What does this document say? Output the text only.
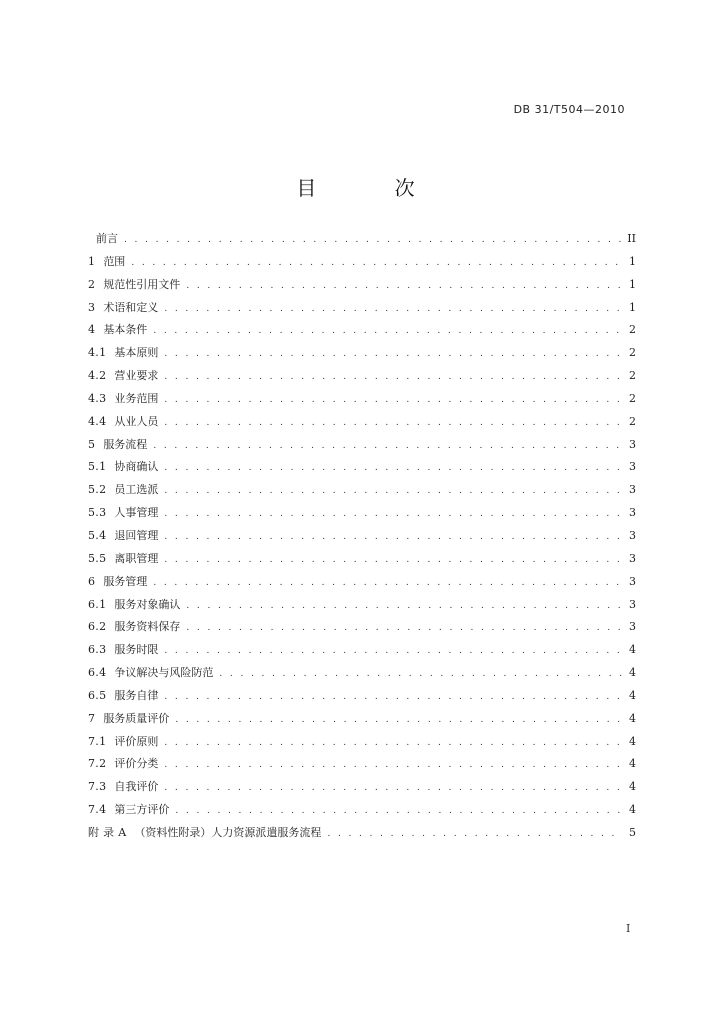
DB 31/T504—2010
目 次
前言 . . .	II
1 范围 . . .	1
2 规范性引用文件 . . .	1
3 术语和定义 . . .	1
4 基本条件 . . .	2
4.1 基本原则 . . .	2
4.2 营业要求 . . .	2
4.3 业务范围 . . .	2
4.4 从业人员 . . .	2
5 服务流程 . . .	3
5.1 协商确认 . . .	3
5.2 员工选派 . . .	3
5.3 人事管理 . . .	3
5.4 退回管理 . . .	3
5.5 离职管理 . . .	3
6 服务管理 . . .	3
6.1 服务对象确认 . . .	3
6.2 服务资料保存 . . .	3
6.3 服务时限 . . .	4
6.4 争议解决与风险防范 . . .	4
6.5 服务自律 . . .	4
7 服务质量评价 . . .	4
7.1 评价原则 . . .	4
7.2 评价分类 . . .	4
7.3 自我评价 . . .	4
7.4 第三方评价 . . .	4
附 录 A （资料性附录）人力资源派遣服务流程 . . .	5
I
